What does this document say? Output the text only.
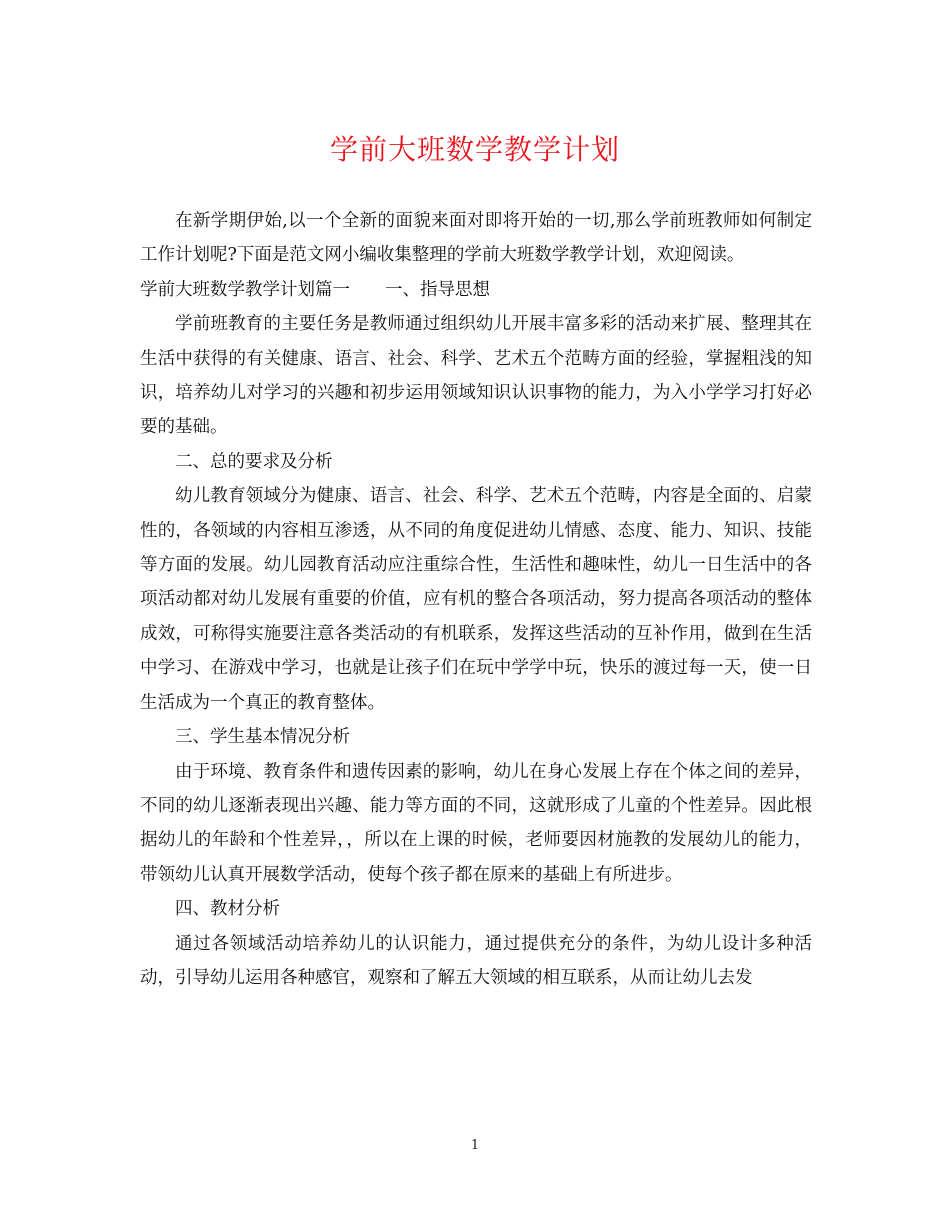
学前大班数学教学计划

在新学期伊始,以一个全新的面貌来面对即将开始的一切,那么学前班教师如何制定工作计划呢?下面是范文网小编收集整理的学前大班数学教学计划，欢迎阅读。

学前大班数学教学计划篇一　　一、指导思想

学前班教育的主要任务是教师通过组织幼儿开展丰富多彩的活动来扩展、整理其在生活中获得的有关健康、语言、社会、科学、艺术五个范畴方面的经验，掌握粗浅的知识，培养幼儿对学习的兴趣和初步运用领域知识认识事物的能力，为入小学学习打好必要的基础。

二、总的要求及分析

幼儿教育领域分为健康、语言、社会、科学、艺术五个范畴，内容是全面的、启蒙性的，各领域的内容相互渗透，从不同的角度促进幼儿情感、态度、能力、知识、技能等方面的发展。幼儿园教育活动应注重综合性，生活性和趣味性，幼儿一日生活中的各项活动都对幼儿发展有重要的价值，应有机的整合各项活动，努力提高各项活动的整体成效，可称得实施要注意各类活动的有机联系，发挥这些活动的互补作用，做到在生活中学习、在游戏中学习，也就是让孩子们在玩中学学中玩，快乐的渡过每一天，使一日生活成为一个真正的教育整体。

三、学生基本情况分析

由于环境、教育条件和遗传因素的影响，幼儿在身心发展上存在个体之间的差异，不同的幼儿逐渐表现出兴趣、能力等方面的不同，这就形成了儿童的个性差异。因此根据幼儿的年龄和个性差异，，所以在上课的时候，老师要因材施教的发展幼儿的能力，带领幼儿认真开展数学活动，使每个孩子都在原来的基础上有所进步。

四、教材分析

通过各领域活动培养幼儿的认识能力，通过提供充分的条件，为幼儿设计多种活动，引导幼儿运用各种感官，观察和了解五大领域的相互联系，从而让幼儿去发

1
